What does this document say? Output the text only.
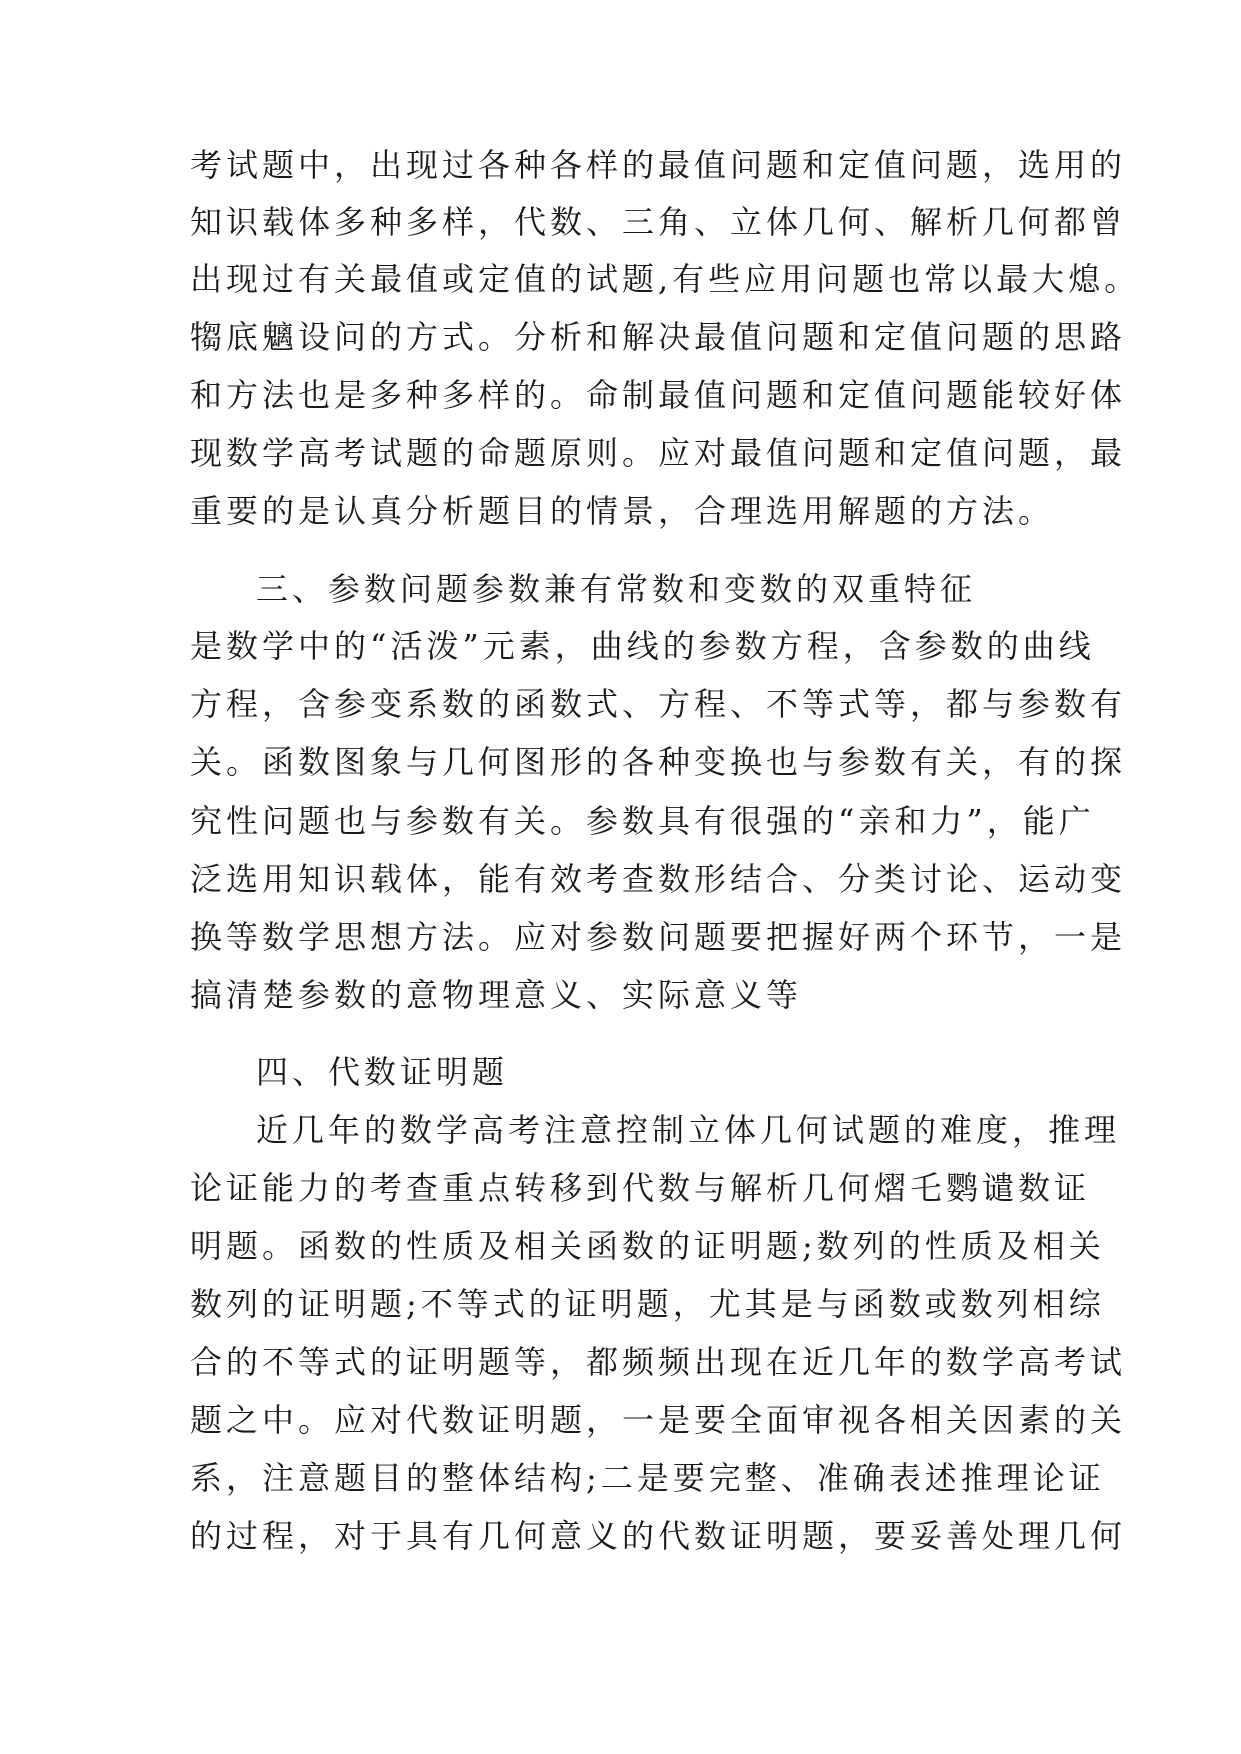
考试题中，出现过各种各样的最值问题和定值问题，选用的
知识载体多种多样，代数、三角、立体几何、解析几何都曾
出现过有关最值或定值的试题,有些应用问题也常以最大熄。
犓底魑设问的方式。分析和解决最值问题和定值问题的思路
和方法也是多种多样的。命制最值问题和定值问题能较好体
现数学高考试题的命题原则。应对最值问题和定值问题，最
重要的是认真分析题目的情景，合理选用解题的方法。
三、参数问题参数兼有常数和变数的双重特征
是数学中的“活泼”元素，曲线的参数方程，含参数的曲线
方程，含参变系数的函数式、方程、不等式等，都与参数有
关。函数图象与几何图形的各种变换也与参数有关，有的探
究性问题也与参数有关。参数具有很强的“亲和力”，能广
泛选用知识载体，能有效考查数形结合、分类讨论、运动变
换等数学思想方法。应对参数问题要把握好两个环节，一是
搞清楚参数的意物理意义、实际意义等
四、代数证明题
近几年的数学高考注意控制立体几何试题的难度，推理
论证能力的考查重点转移到代数与解析几何熠乇鹦谴数证
明题。函数的性质及相关函数的证明题;数列的性质及相关
数列的证明题;不等式的证明题，尤其是与函数或数列相综
合的不等式的证明题等，都频频出现在近几年的数学高考试
题之中。应对代数证明题，一是要全面审视各相关因素的关
系，注意题目的整体结构;二是要完整、准确表述推理论证
的过程，对于具有几何意义的代数证明题，要妥善处理几何
